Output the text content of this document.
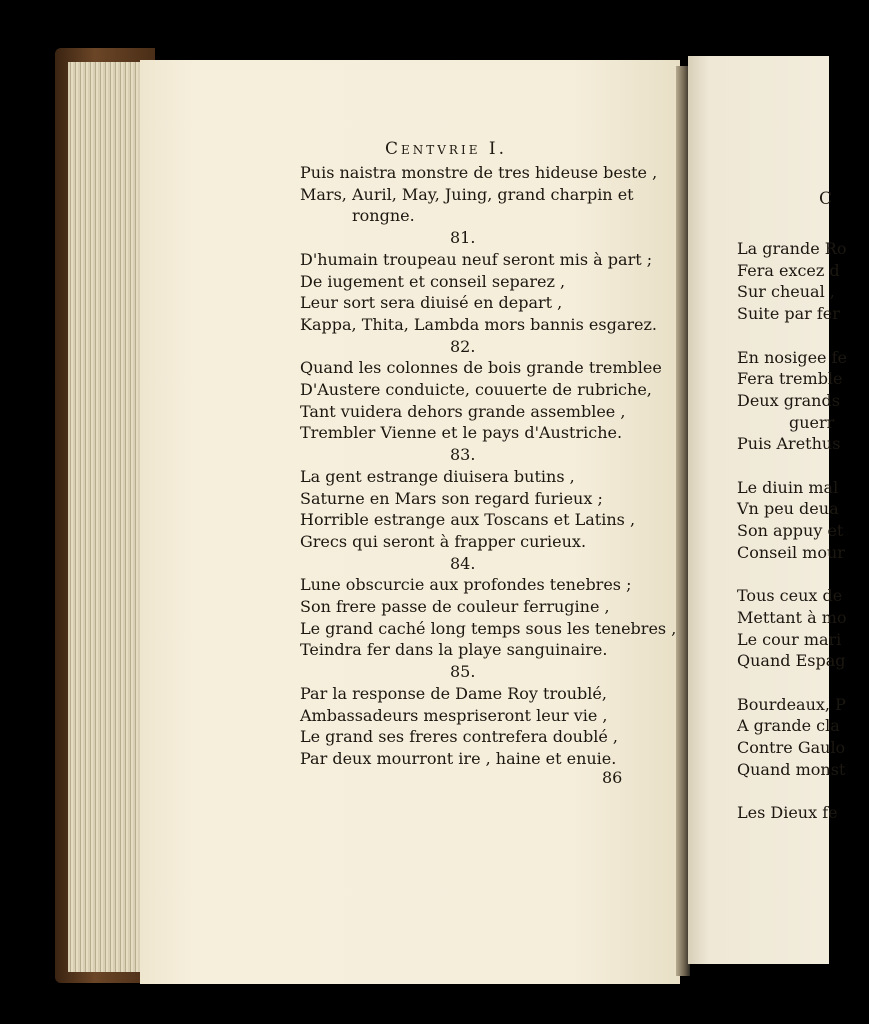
C
La grande Ro
Fera excez d
Sur cheual ,
Suite par fer

En nosigee fe
Fera tremble
Deux grands
guerr
Puis Arethus

Le diuin mal
Vn peu deua
Son appuy et
Conseil mour

Tous ceux de
Mettant à mo
Le cour mari
Quand Espag

Bourdeaux, P
A grande cla
Contre Gaulo
Quand monst

Les Dieux fe
Centvrie I.
Puis naistra monstre de tres hideuse beste ,
Mars, Auril, May, Juing, grand charpin et
rongne.
81.
D'humain troupeau neuf seront mis à part ;
De iugement et conseil separez ,
Leur sort sera diuisé en depart ,
Kappa, Thita, Lambda mors bannis esgarez.
82.
Quand les colonnes de bois grande tremblee
D'Austere conduicte, couuerte de rubriche,
Tant vuidera dehors grande assemblee ,
Trembler Vienne et le pays d'Austriche.
83.
La gent estrange diuisera butins ,
Saturne en Mars son regard furieux ;
Horrible estrange aux Toscans et Latins ,
Grecs qui seront à frapper curieux.
84.
Lune obscurcie aux profondes tenebres ;
Son frere passe de couleur ferrugine ,
Le grand caché long temps sous les tenebres ,
Teindra fer dans la playe sanguinaire.
85.
Par la response de Dame Roy troublé,
Ambassadeurs mespriseront leur vie ,
Le grand ses freres contrefera doublé ,
Par deux mourront ire , haine et enuie.
86
